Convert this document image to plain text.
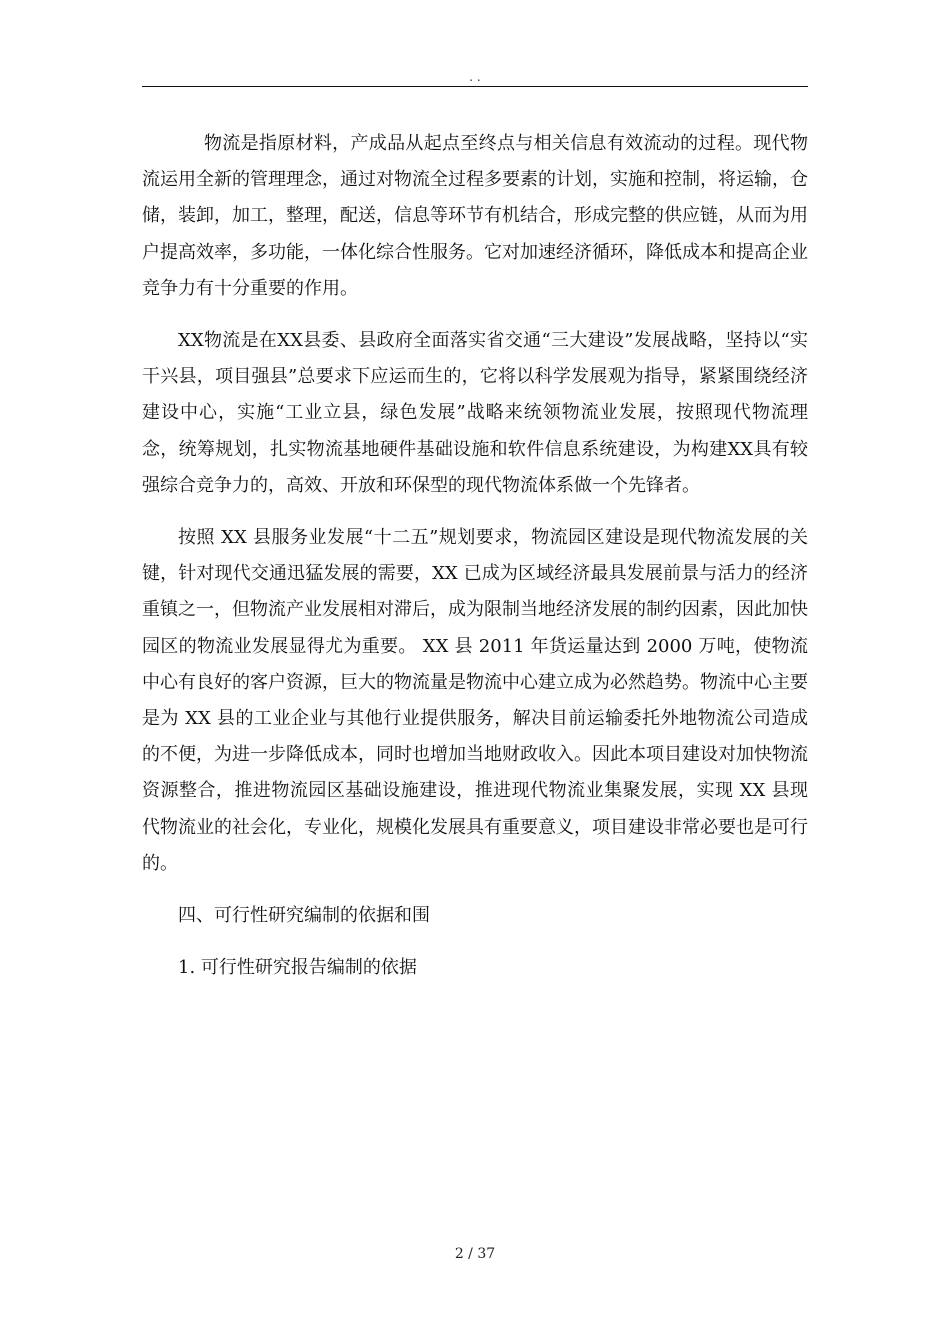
. .

物流是指原材料，产成品从起点至终点与相关信息有效流动的过程。现代物流运用全新的管理理念，通过对物流全过程多要素的计划，实施和控制，将运输，仓储，装卸，加工，整理，配送，信息等环节有机结合，形成完整的供应链，从而为用户提高效率，多功能，一体化综合性服务。它对加速经济循环，降低成本和提高企业竞争力有十分重要的作用。

XX物流是在XX县委、县政府全面落实省交通“三大建设”发展战略，坚持以“实干兴县，项目强县”总要求下应运而生的，它将以科学发展观为指导，紧紧围绕经济建设中心，实施“工业立县，绿色发展”战略来统领物流业发展，按照现代物流理念，统筹规划，扎实物流基地硬件基础设施和软件信息系统建设，为构建XX具有较强综合竞争力的，高效、开放和环保型的现代物流体系做一个先锋者。

按照 XX 县服务业发展“十二五”规划要求，物流园区建设是现代物流发展的关键，针对现代交通迅猛发展的需要，XX 已成为区域经济最具发展前景与活力的经济重镇之一，但物流产业发展相对滞后，成为限制当地经济发展的制约因素，因此加快园区的物流业发展显得尤为重要。 XX 县 2011 年货运量达到 2000 万吨，使物流中心有良好的客户资源，巨大的物流量是物流中心建立成为必然趋势。物流中心主要是为 XX 县的工业企业与其他行业提供服务，解决目前运输委托外地物流公司造成的不便，为进一步降低成本，同时也增加当地财政收入。因此本项目建设对加快物流资源整合，推进物流园区基础设施建设，推进现代物流业集聚发展，实现 XX 县现代物流业的社会化，专业化，规模化发展具有重要意义，项目建设非常必要也是可行的。

四、可行性研究编制的依据和围

1. 可行性研究报告编制的依据

2 / 37
